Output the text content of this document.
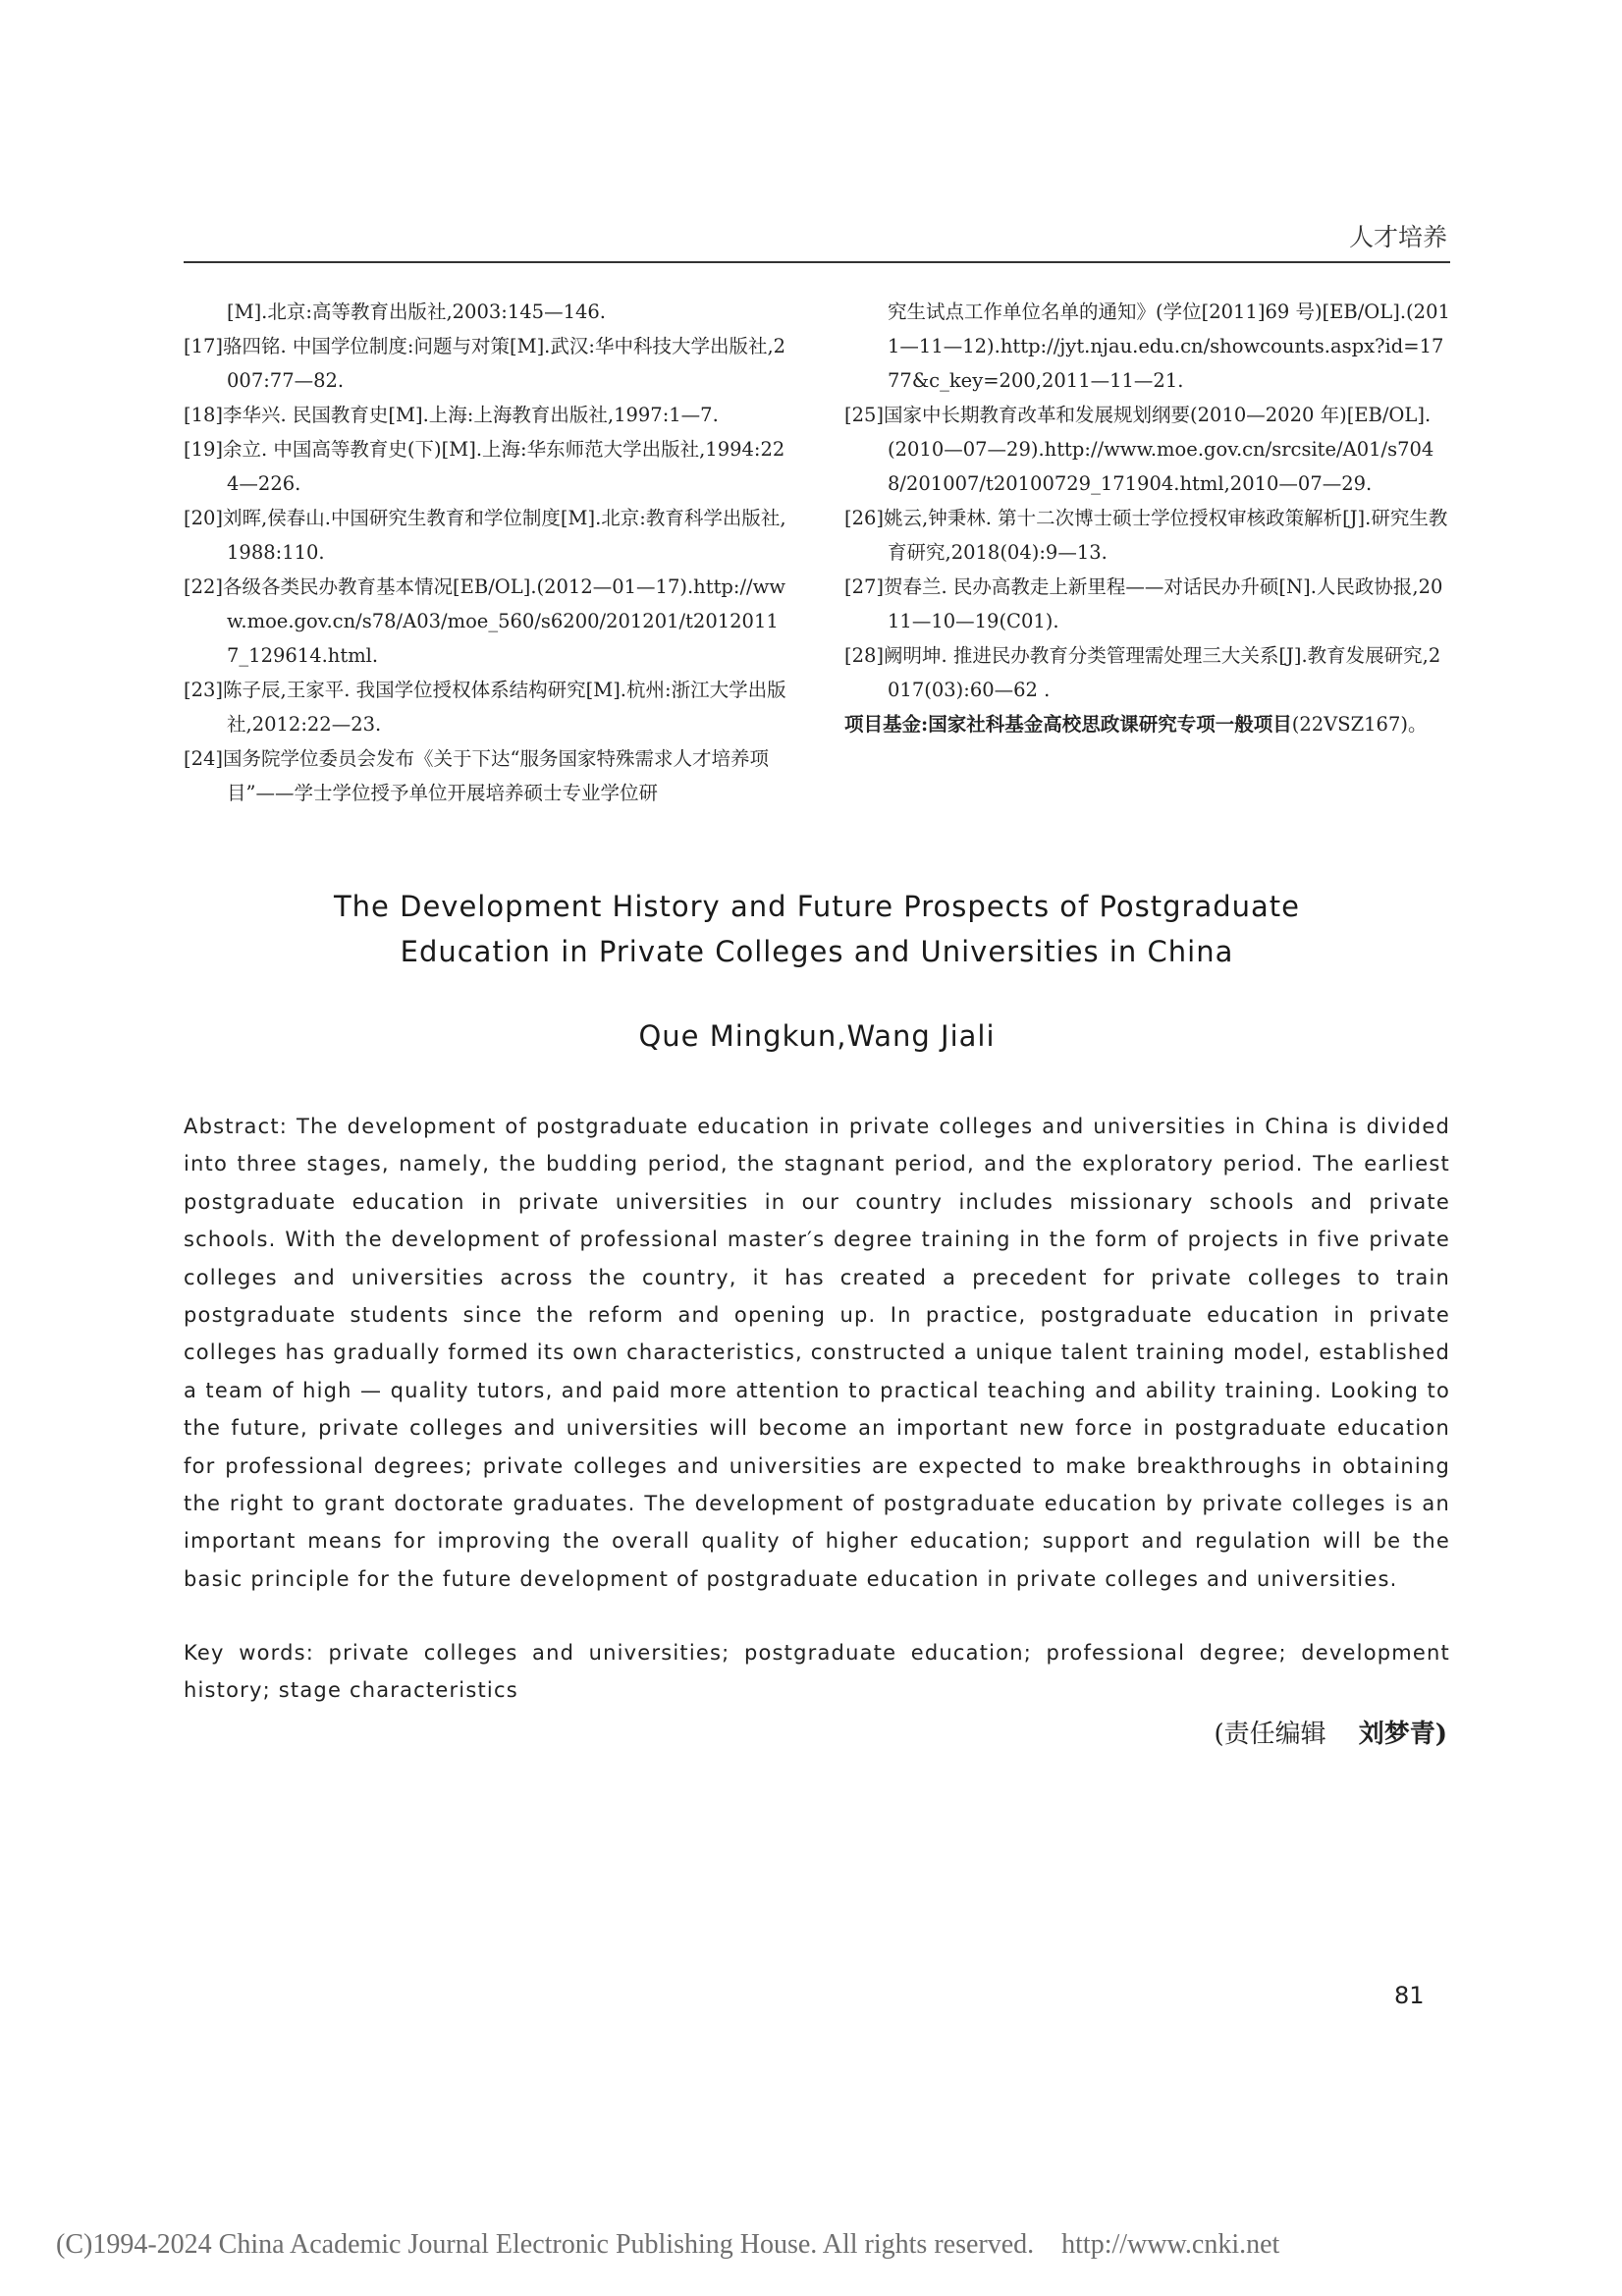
人才培养
[M].北京:高等教育出版社,2003:145—146.
[17]骆四铭. 中国学位制度:问题与对策[M].武汉:华中科技大学出版社,2007:77—82.
[18]李华兴. 民国教育史[M].上海:上海教育出版社,1997:1—7.
[19]余立. 中国高等教育史(下)[M].上海:华东师范大学出版社,1994:224—226.
[20]刘晖,侯春山.中国研究生教育和学位制度[M].北京:教育科学出版社,1988:110.
[22]各级各类民办教育基本情况[EB/OL].(2012—01—17).http://www.moe.gov.cn/s78/A03/moe_560/s6200/201201/t20120117_129614.html.
[23]陈子辰,王家平. 我国学位授权体系结构研究[M].杭州:浙江大学出版社,2012:22—23.
[24]国务院学位委员会发布《关于下达“服务国家特殊需求人才培养项目”——学士学位授予单位开展培养硕士专业学位研
究生试点工作单位名单的通知》(学位[2011]69 号)[EB/OL].(2011—11—12).http://jyt.njau.edu.cn/showcounts.aspx?id=1777&c_key=200,2011—11—21.
[25]国家中长期教育改革和发展规划纲要(2010—2020 年)[EB/OL].(2010—07—29).http://www.moe.gov.cn/srcsite/A01/s7048/201007/t20100729_171904.html,2010—07—29.
[26]姚云,钟秉林. 第十二次博士硕士学位授权审核政策解析[J].研究生教育研究,2018(04):9—13.
[27]贺春兰. 民办高教走上新里程——对话民办升硕[N].人民政协报,2011—10—19(C01).
[28]阙明坤. 推进民办教育分类管理需处理三大关系[J].教育发展研究,2017(03):60—62 .
项目基金:国家社科基金高校思政课研究专项一般项目(22VSZ167)。
The Development History and Future Prospects of Postgraduate
Education in Private Colleges and Universities in China
Que Mingkun,Wang Jiali
Abstract: The development of postgraduate education in private colleges and universities in China is divided into three stages, namely, the budding period, the stagnant period, and the exploratory period. The earliest postgraduate education in private universities in our country includes missionary schools and private schools. With the development of professional master′s degree training in the form of projects in five private colleges and universities across the country, it has created a precedent for private colleges to train postgraduate students since the reform and opening up. In practice, postgraduate education in private colleges has gradually formed its own characteristics, constructed a unique talent training model, established a team of high — quality tutors, and paid more attention to practical teaching and ability training. Looking to the future, private colleges and universities will become an important new force in postgraduate education for professional degrees; private colleges and universities are expected to make breakthroughs in obtaining the right to grant doctorate graduates. The development of postgraduate education by private colleges is an important means for improving the overall quality of higher education; support and regulation will be the basic principle for the future development of postgraduate education in private colleges and universities.
Key words: private colleges and universities; postgraduate education; professional degree; development history; stage characteristics
(责任编辑 刘梦青)
81
(C)1994-2024 China Academic Journal Electronic Publishing House. All rights reserved. http://www.cnki.net
